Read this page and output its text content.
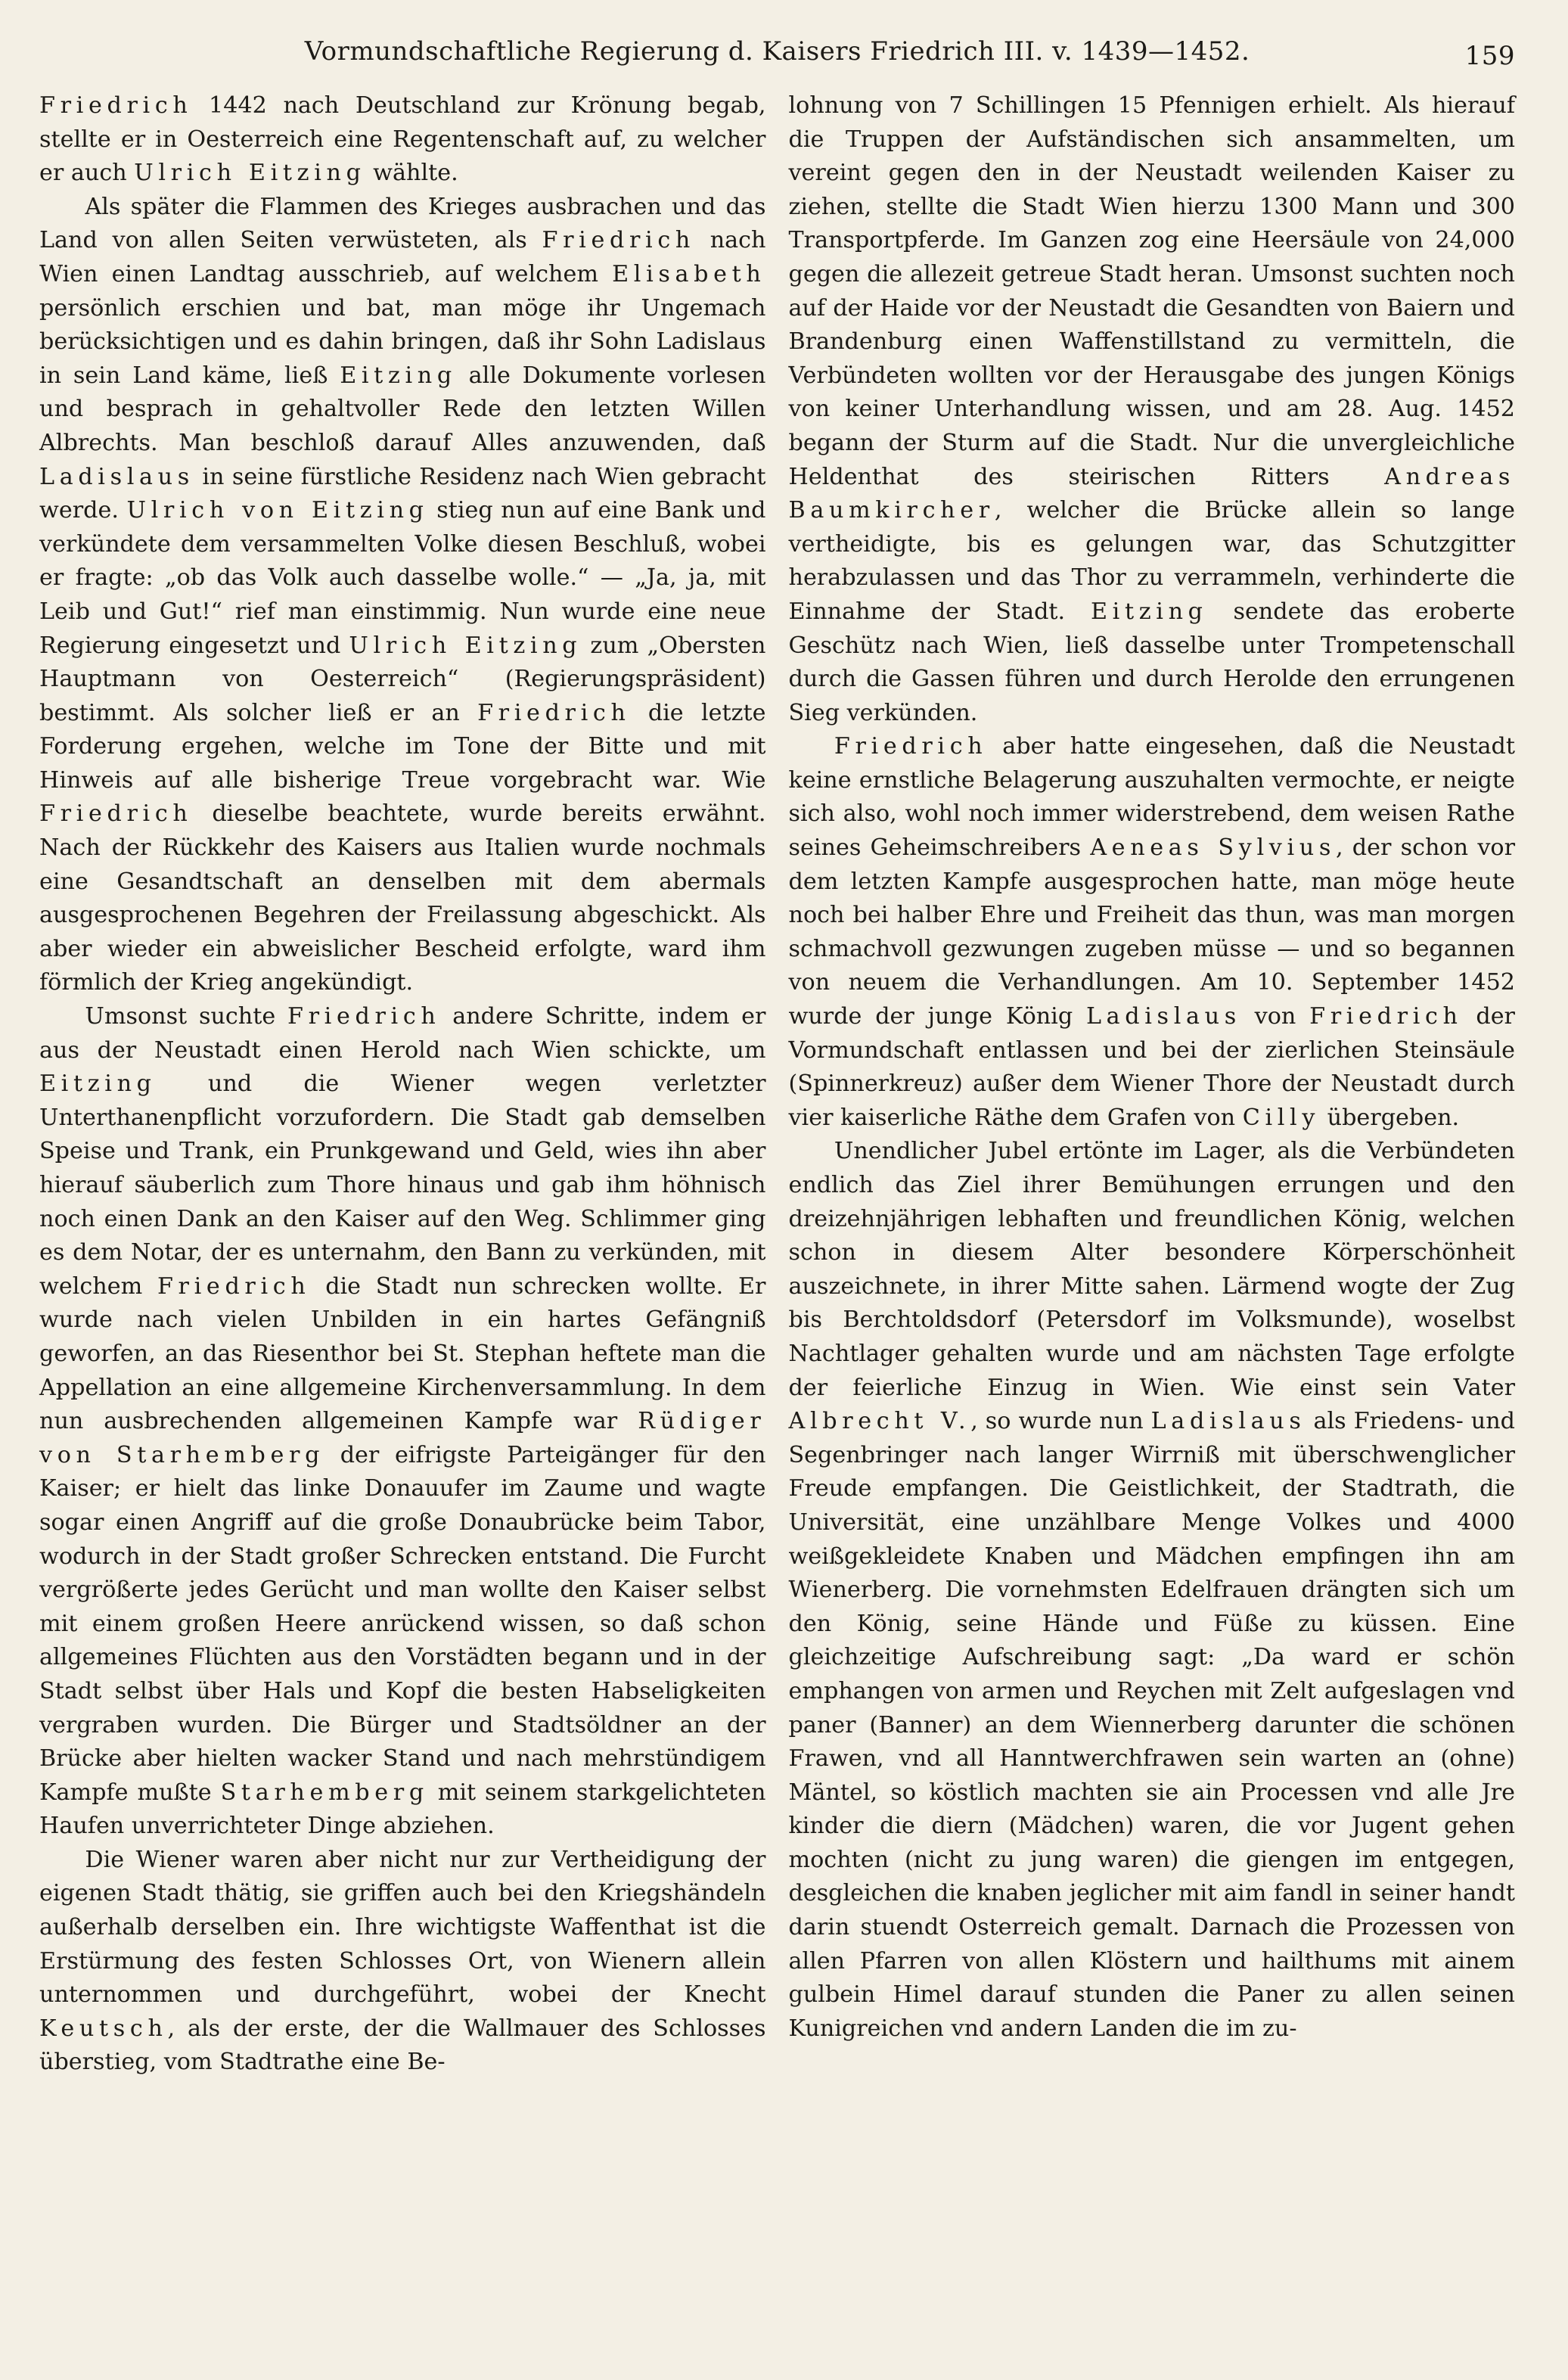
Vormundschaftliche Regierung d. Kaisers Friedrich III. v. 1439—1452.	159

Friedrich 1442 nach Deutschland zur Krönung begab, stellte er in Oesterreich eine Regentenschaft auf, zu welcher er auch Ulrich Eitzing wählte.

Als später die Flammen des Krieges ausbrachen und das Land von allen Seiten verwüsteten, als Friedrich nach Wien einen Landtag ausschrieb, auf welchem Elisabeth persönlich erschien und bat, man möge ihr Ungemach berücksichtigen und es dahin bringen, daß ihr Sohn Ladislaus in sein Land käme, ließ Eitzing alle Dokumente vorlesen und besprach in gehaltvoller Rede den letzten Willen Albrechts. Man beschloß darauf Alles anzuwenden, daß Ladislaus in seine fürstliche Residenz nach Wien gebracht werde. Ulrich von Eitzing stieg nun auf eine Bank und verkündete dem versammelten Volke diesen Beschluß, wobei er fragte: „ob das Volk auch dasselbe wolle.“ — „Ja, ja, mit Leib und Gut!“ rief man einstimmig. Nun wurde eine neue Regierung eingesetzt und Ulrich Eitzing zum „Obersten Hauptmann von Oesterreich“ (Regierungspräsident) bestimmt. Als solcher ließ er an Friedrich die letzte Forderung ergehen, welche im Tone der Bitte und mit Hinweis auf alle bisherige Treue vorgebracht war. Wie Friedrich dieselbe beachtete, wurde bereits erwähnt. Nach der Rückkehr des Kaisers aus Italien wurde nochmals eine Gesandtschaft an denselben mit dem abermals ausgesprochenen Begehren der Freilassung abgeschickt. Als aber wieder ein abweislicher Bescheid erfolgte, ward ihm förmlich der Krieg angekündigt.

Umsonst suchte Friedrich andere Schritte, indem er aus der Neustadt einen Herold nach Wien schickte, um Eitzing und die Wiener wegen verletzter Unterthanenpflicht vorzufordern. Die Stadt gab demselben Speise und Trank, ein Prunkgewand und Geld, wies ihn aber hierauf säuberlich zum Thore hinaus und gab ihm höhnisch noch einen Dank an den Kaiser auf den Weg. Schlimmer ging es dem Notar, der es unternahm, den Bann zu verkünden, mit welchem Friedrich die Stadt nun schrecken wollte. Er wurde nach vielen Unbilden in ein hartes Gefängniß geworfen, an das Riesenthor bei St. Stephan heftete man die Appellation an eine allgemeine Kirchenversammlung. In dem nun ausbrechenden allgemeinen Kampfe war Rüdiger von Starhemberg der eifrigste Parteigänger für den Kaiser; er hielt das linke Donauufer im Zaume und wagte sogar einen Angriff auf die große Donaubrücke beim Tabor, wodurch in der Stadt großer Schrecken entstand. Die Furcht vergrößerte jedes Gerücht und man wollte den Kaiser selbst mit einem großen Heere anrückend wissen, so daß schon allgemeines Flüchten aus den Vorstädten begann und in der Stadt selbst über Hals und Kopf die besten Habseligkeiten vergraben wurden. Die Bürger und Stadtsöldner an der Brücke aber hielten wacker Stand und nach mehrstündigem Kampfe mußte Starhemberg mit seinem starkgelichteten Haufen unverrichteter Dinge abziehen.

Die Wiener waren aber nicht nur zur Vertheidigung der eigenen Stadt thätig, sie griffen auch bei den Kriegshändeln außerhalb derselben ein. Ihre wichtigste Waffenthat ist die Erstürmung des festen Schlosses Ort, von Wienern allein unternommen und durchgeführt, wobei der Knecht Keutsch, als der erste, der die Wallmauer des Schlosses überstieg, vom Stadtrathe eine Be-

lohnung von 7 Schillingen 15 Pfennigen erhielt. Als hierauf die Truppen der Aufständischen sich ansammelten, um vereint gegen den in der Neustadt weilenden Kaiser zu ziehen, stellte die Stadt Wien hierzu 1300 Mann und 300 Transportpferde. Im Ganzen zog eine Heersäule von 24,000 gegen die allezeit getreue Stadt heran. Umsonst suchten noch auf der Haide vor der Neustadt die Gesandten von Baiern und Brandenburg einen Waffenstillstand zu vermitteln, die Verbündeten wollten vor der Herausgabe des jungen Königs von keiner Unterhandlung wissen, und am 28. Aug. 1452 begann der Sturm auf die Stadt. Nur die unvergleichliche Heldenthat des steirischen Ritters Andreas Baumkircher, welcher die Brücke allein so lange vertheidigte, bis es gelungen war, das Schutzgitter herabzulassen und das Thor zu verrammeln, verhinderte die Einnahme der Stadt. Eitzing sendete das eroberte Geschütz nach Wien, ließ dasselbe unter Trompetenschall durch die Gassen führen und durch Herolde den errungenen Sieg verkünden.

Friedrich aber hatte eingesehen, daß die Neustadt keine ernstliche Belagerung auszuhalten vermochte, er neigte sich also, wohl noch immer widerstrebend, dem weisen Rathe seines Geheimschreibers Aeneas Sylvius, der schon vor dem letzten Kampfe ausgesprochen hatte, man möge heute noch bei halber Ehre und Freiheit das thun, was man morgen schmachvoll gezwungen zugeben müsse — und so begannen von neuem die Verhandlungen. Am 10. September 1452 wurde der junge König Ladislaus von Friedrich der Vormundschaft entlassen und bei der zierlichen Steinsäule (Spinnerkreuz) außer dem Wiener Thore der Neustadt durch vier kaiserliche Räthe dem Grafen von Cilly übergeben.

Unendlicher Jubel ertönte im Lager, als die Verbündeten endlich das Ziel ihrer Bemühungen errungen und den dreizehnjährigen lebhaften und freundlichen König, welchen schon in diesem Alter besondere Körperschönheit auszeichnete, in ihrer Mitte sahen. Lärmend wogte der Zug bis Berchtoldsdorf (Petersdorf im Volksmunde), woselbst Nachtlager gehalten wurde und am nächsten Tage erfolgte der feierliche Einzug in Wien. Wie einst sein Vater Albrecht V., so wurde nun Ladislaus als Friedens- und Segenbringer nach langer Wirrniß mit überschwenglicher Freude empfangen. Die Geistlichkeit, der Stadtrath, die Universität, eine unzählbare Menge Volkes und 4000 weißgekleidete Knaben und Mädchen empfingen ihn am Wienerberg. Die vornehmsten Edelfrauen drängten sich um den König, seine Hände und Füße zu küssen. Eine gleichzeitige Aufschreibung sagt: „Da ward er schön emphangen von armen und Reychen mit Zelt aufgeslagen vnd paner (Banner) an dem Wiennerberg darunter die schönen Frawen, vnd all Hanntwerchfrawen sein warten an (ohne) Mäntel, so köstlich machten sie ain Processen vnd alle Jre kinder die diern (Mädchen) waren, die vor Jugent gehen mochten (nicht zu jung waren) die giengen im entgegen, desgleichen die knaben jeglicher mit aim fandl in seiner handt darin stuendt Osterreich gemalt. Darnach die Prozessen von allen Pfarren von allen Klöstern und hailthums mit ainem gulbein Himel darauf stunden die Paner zu allen seinen Kunigreichen vnd andern Landen die im zu-
